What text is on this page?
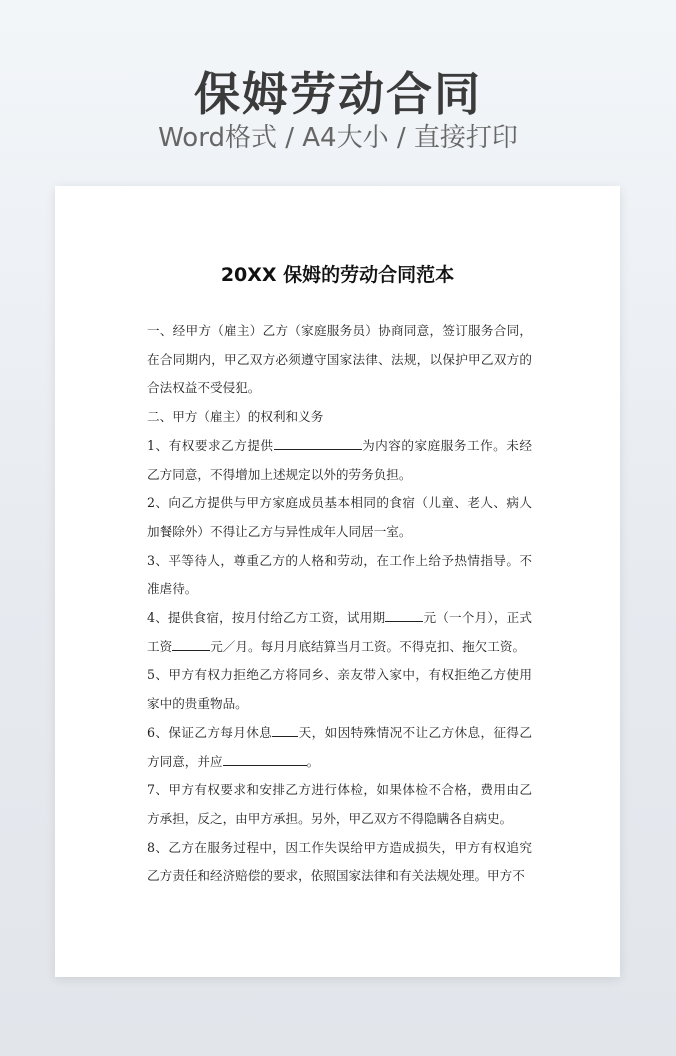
保姆劳动合同
Word格式 / A4大小 / 直接打印
20XX 保姆的劳动合同范本

一、经甲方（雇主）乙方（家庭服务员）协商同意，签订服务合同，在合同期内，甲乙双方必须遵守国家法律、法规，以保护甲乙双方的合法权益不受侵犯。

二、甲方（雇主）的权利和义务

1、有权要求乙方提供	为内容的家庭服务工作。未经乙方同意，不得增加上述规定以外的劳务负担。

2、向乙方提供与甲方家庭成员基本相同的食宿（儿童、老人、病人加餐除外）不得让乙方与异性成年人同居一室。

3、平等待人，尊重乙方的人格和劳动，在工作上给予热情指导。不准虐待。

4、提供食宿，按月付给乙方工资，试用期	元（一个月），正式工资	元／月。每月月底结算当月工资。不得克扣、拖欠工资。

5、甲方有权力拒绝乙方将同乡、亲友带入家中，有权拒绝乙方使用家中的贵重物品。

6、保证乙方每月休息 天，如因特殊情况不让乙方休息，征得乙方同意，并应	。

7、甲方有权要求和安排乙方进行体检，如果体检不合格，费用由乙方承担，反之，由甲方承担。另外，甲乙双方不得隐瞒各自病史。

8、乙方在服务过程中，因工作失误给甲方造成损失，甲方有权追究乙方责任和经济赔偿的要求，依照国家法律和有关法规处理。甲方不
